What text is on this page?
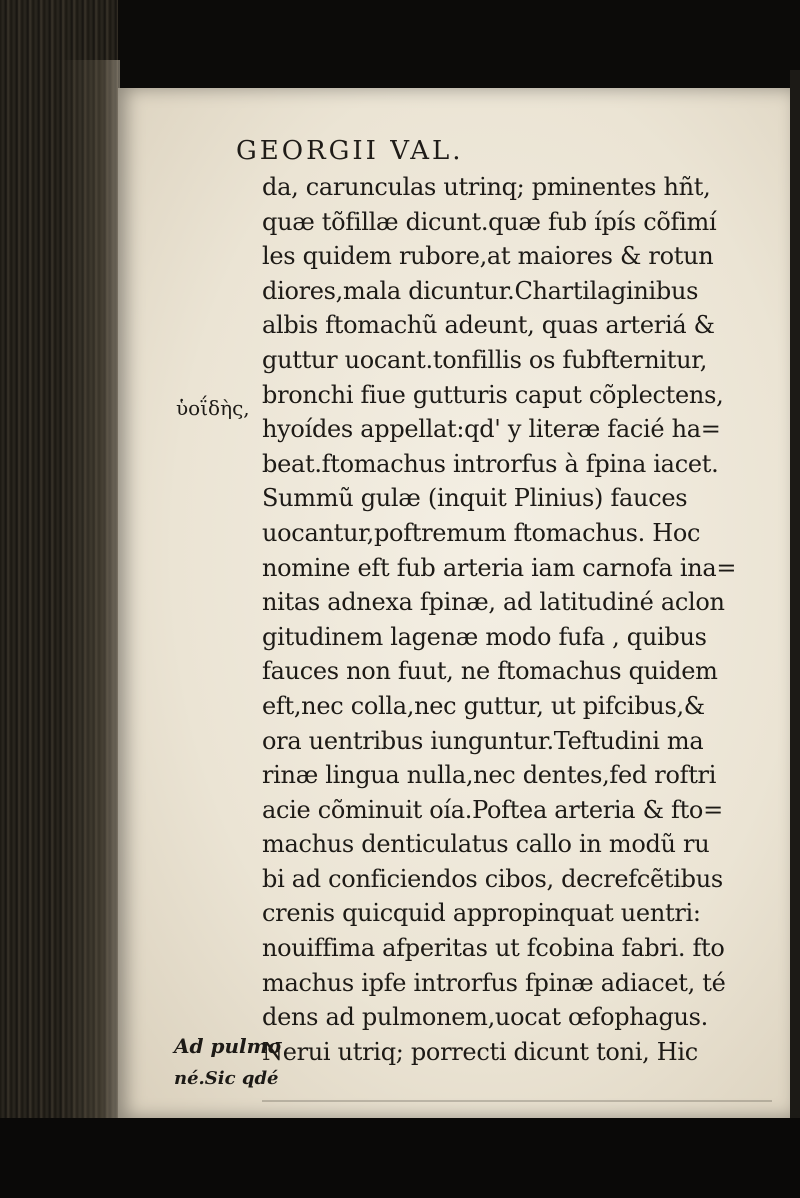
GEORGII VAL.
da, carunculas utrinq; pminentes hñt,
quæ tõfillæ dicunt.quæ fub ípís cõfimí
les quidem rubore,at maiores & rotun
diores,mala dicuntur.Chartilaginibus
albis ftomachũ adeunt, quas arteriá &
guttur uocant.tonfillis os fubfternitur,
bronchi fiue gutturis caput cõplectens,
hyoídes appellat:qd' y literæ facié ha=
beat.ftomachus introrfus à fpina iacet.
Summũ gulæ (inquit Plinius) fauces
uocantur,poftremum ftomachus. Hoc
nomine eft fub arteria iam carnofa ina=
nitas adnexa fpinæ, ad latitudiné aclon
gitudinem lagenæ modo fufa , quibus
fauces non fuut, ne ftomachus quidem
eft,nec colla,nec guttur, ut pifcibus,&
ora uentribus iunguntur.Teftudini ma
rinæ lingua nulla,nec dentes,fed roftri
acie cõminuit oía.Poftea arteria & fto=
machus denticulatus callo in modũ ru
bi ad conficiendos cibos, decrefcẽtibus
crenis quicquid appropinquat uentri:
nouiffima afperitas ut fcobina fabri. fto
machus ipfe introrfus fpinæ adiacet, té
dens ad pulmonem,uocat œfophagus.
Nerui utriq; porrecti dicunt toni, Hic
ὑοΐδὴς,
Ad pulmo
né.Sic qdé
